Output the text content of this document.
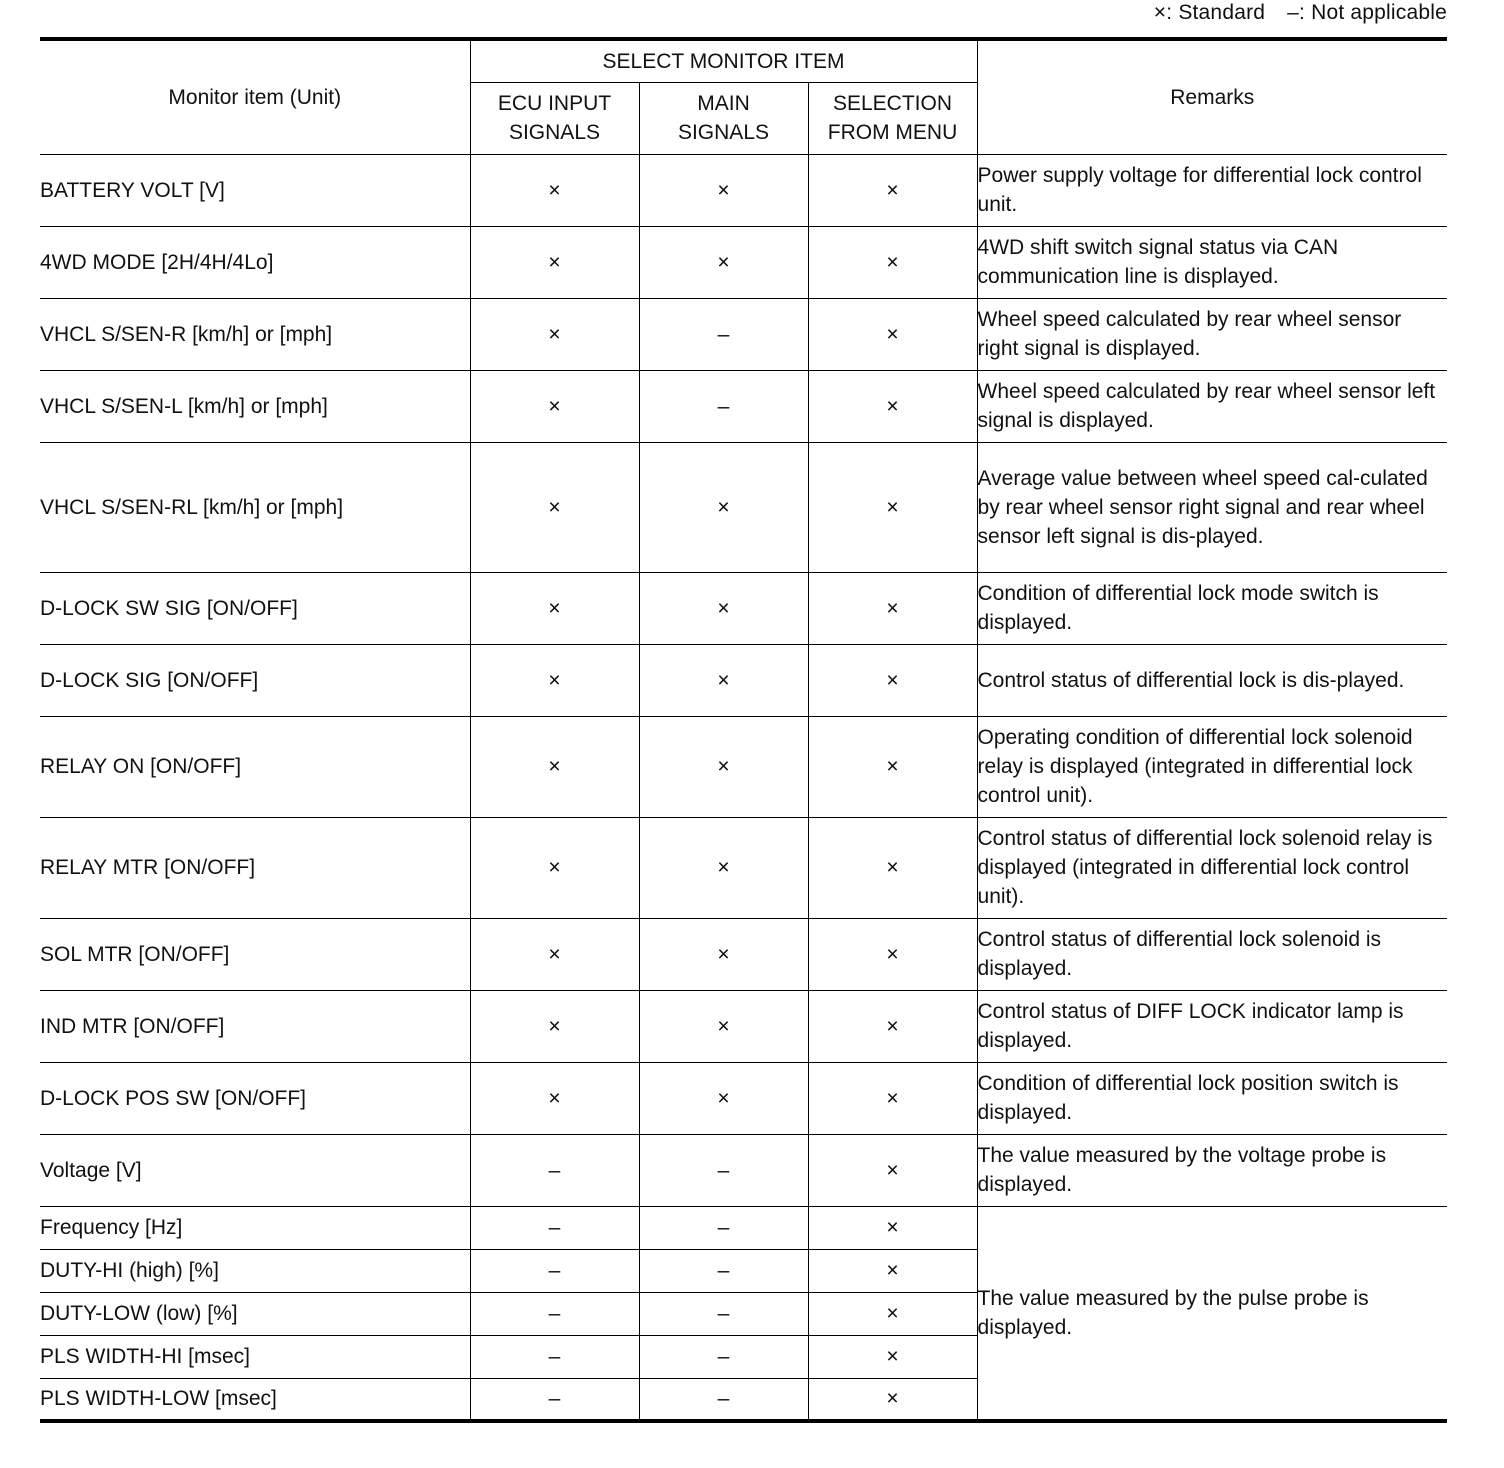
×: Standard –: Not applicable
Monitor item (Unit)	SELECT MONITOR ITEM			Remarks

	ECU INPUT SIGNALS	MAIN SIGNALS	SELECTION FROM MENU	

BATTERY VOLT [V]	×	×	×	Power supply voltage for differential lock control unit.
4WD MODE [2H/4H/4Lo]	×	×	×	4WD shift switch signal status via CAN communication line is displayed.
VHCL S/SEN-R [km/h] or [mph]	×	–	×	Wheel speed calculated by rear wheel sensor right signal is displayed.
VHCL S/SEN-L [km/h] or [mph]	×	–	×	Wheel speed calculated by rear wheel sensor left signal is displayed.
VHCL S/SEN-RL [km/h] or [mph]	×	×	×	Average value between wheel speed cal-culated by rear wheel sensor right signal and rear wheel sensor left signal is dis-played.
D-LOCK SW SIG [ON/OFF]	×	×	×	Condition of differential lock mode switch is displayed.
D-LOCK SIG [ON/OFF]	×	×	×	Control status of differential lock is dis-played.
RELAY ON [ON/OFF]	×	×	×	Operating condition of differential lock solenoid relay is displayed (integrated in differential lock control unit).
RELAY MTR [ON/OFF]	×	×	×	Control status of differential lock solenoid relay is displayed (integrated in differential lock control unit).
SOL MTR [ON/OFF]	×	×	×	Control status of differential lock solenoid is displayed.
IND MTR [ON/OFF]	×	×	×	Control status of DIFF LOCK indicator lamp is displayed.
D-LOCK POS SW [ON/OFF]	×	×	×	Condition of differential lock position switch is displayed.
Voltage [V]	–	–	×	The value measured by the voltage probe is displayed.
Frequency [Hz]	–	–	×	The value measured by the pulse probe is displayed.
DUTY-HI (high) [%]	–	–	×	
DUTY-LOW (low) [%]	–	–	×	
PLS WIDTH-HI [msec]	–	–	×	
PLS WIDTH-LOW [msec]	–	–	×	
